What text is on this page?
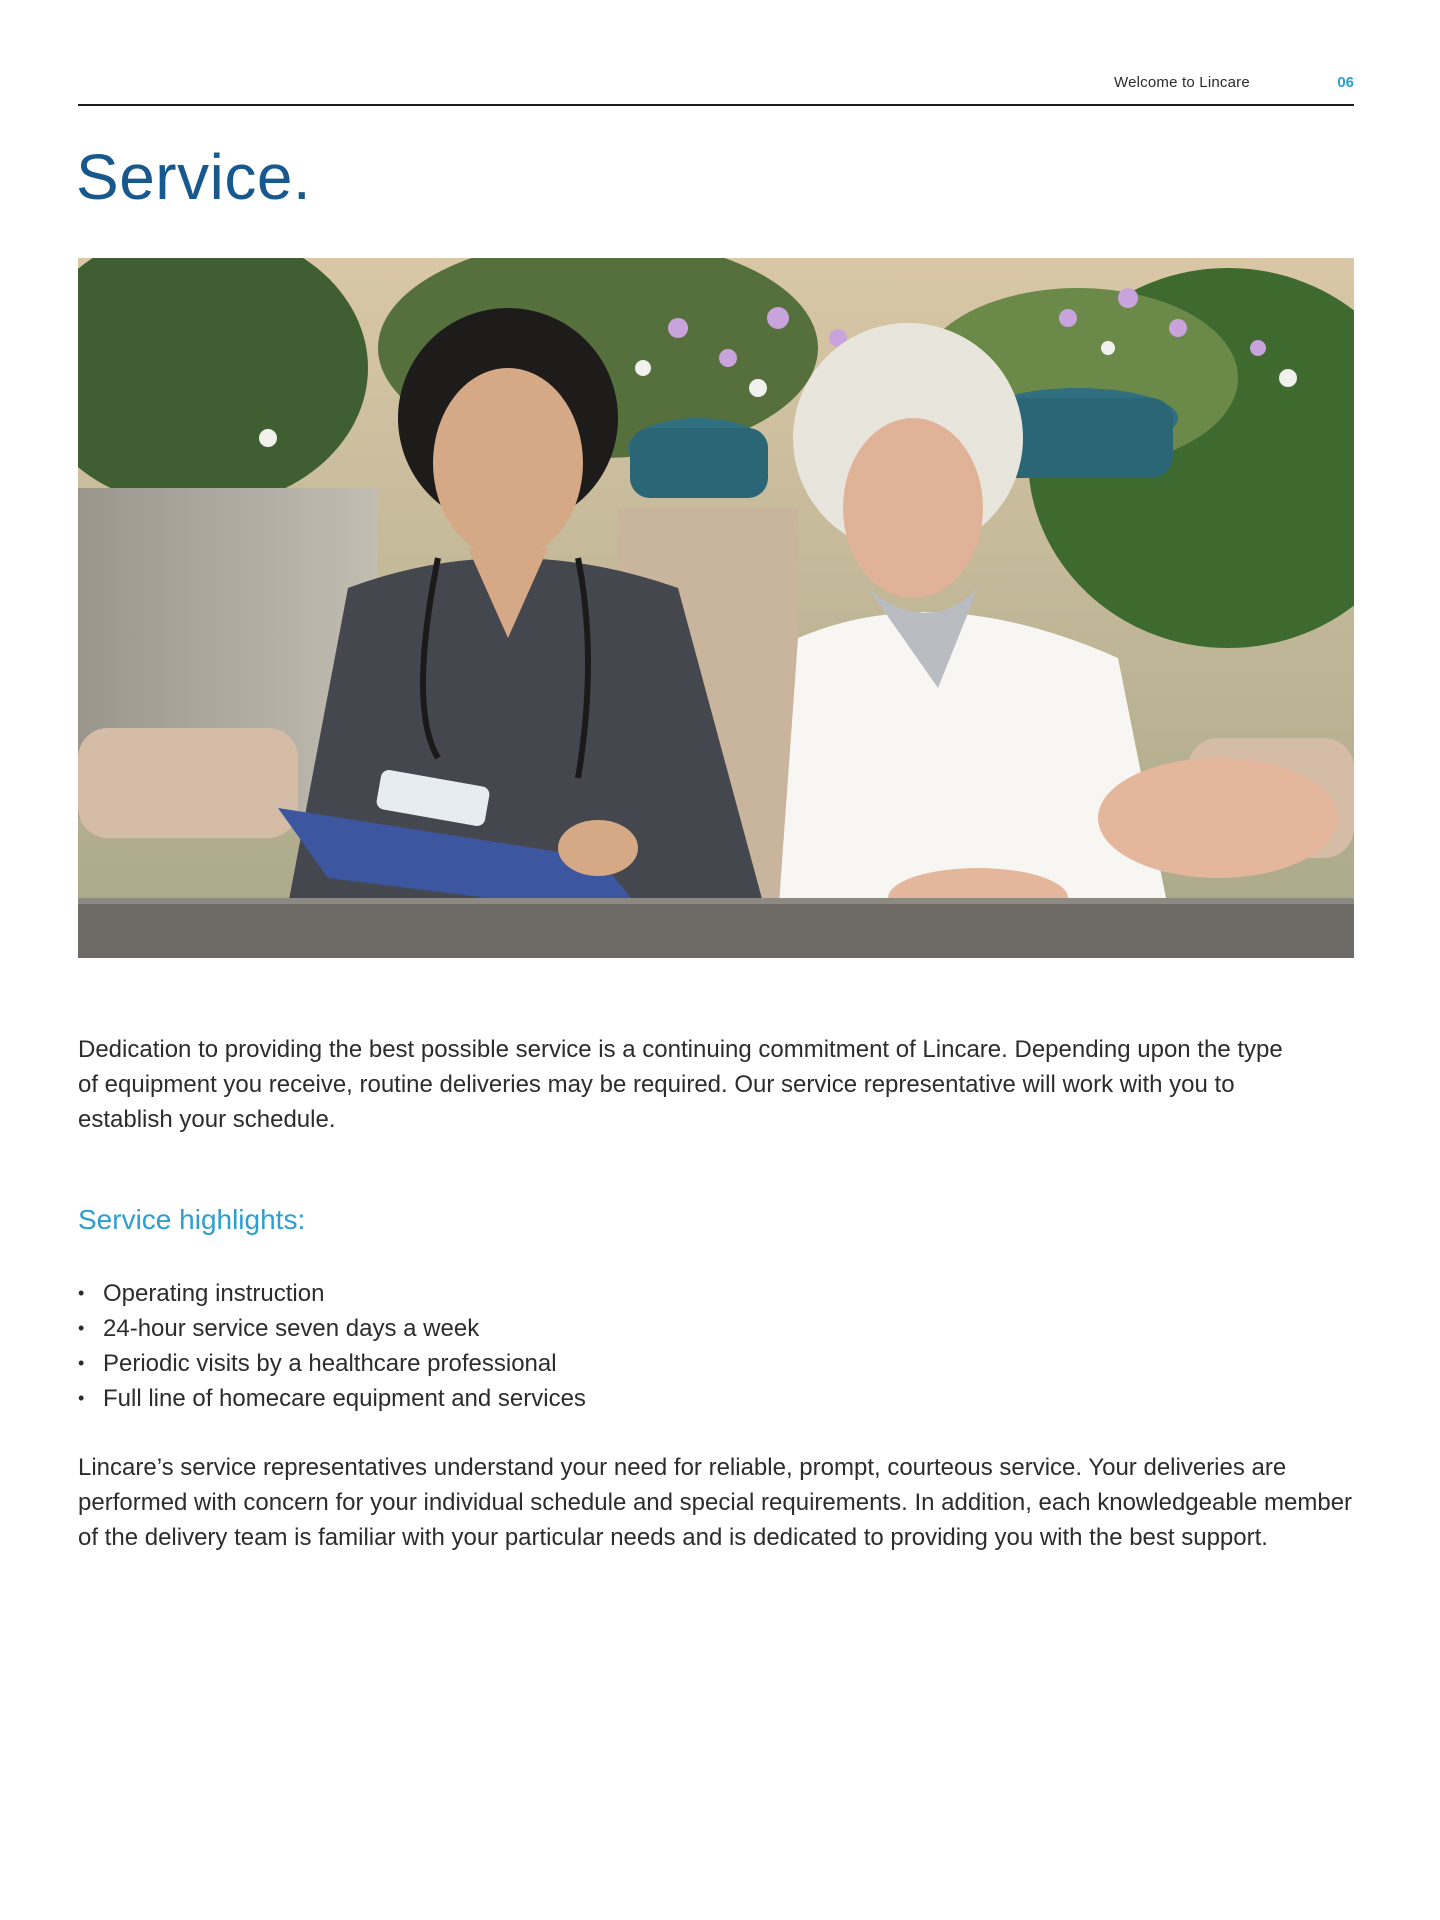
Welcome to Lincare	06
Service.

Dedication to providing the best possible service is a continuing commitment of Lincare. Depending upon the type of equipment you receive, routine deliveries may be required. Our service representative will work with you to establish your schedule.

Service highlights:
• Operating instruction
• 24-hour service seven days a week
• Periodic visits by a healthcare professional
• Full line of homecare equipment and services

Lincare’s service representatives understand your need for reliable, prompt, courteous service. Your deliveries are performed with concern for your individual schedule and special requirements. In addition, each knowledgeable member of the delivery team is familiar with your particular needs and is dedicated to providing you with the best support.
